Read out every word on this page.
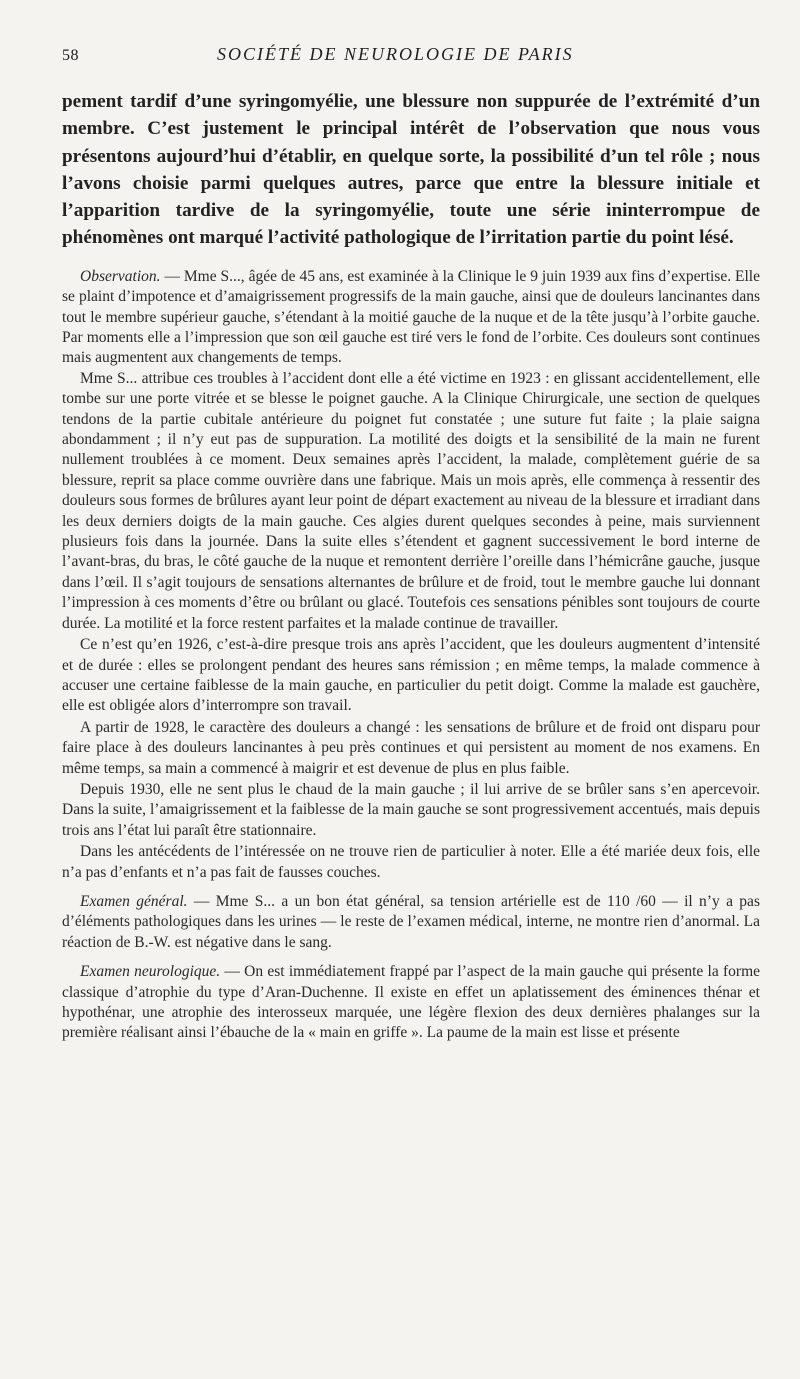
58	SOCIÉTÉ DE NEUROLOGIE DE PARIS

pement tardif d’une syringomyélie, une blessure non suppurée de l’extrémité d’un membre. C’est justement le principal intérêt de l’observation que nous vous présentons aujourd’hui d’établir, en quelque sorte, la possibilité d’un tel rôle ; nous l’avons choisie parmi quelques autres, parce que entre la blessure initiale et l’apparition tardive de la syringomyélie, toute une série ininterrompue de phénomènes ont marqué l’activité pathologique de l’irritation partie du point lésé.

Observation. — Mme S..., âgée de 45 ans, est examinée à la Clinique le 9 juin 1939 aux fins d’expertise. Elle se plaint d’impotence et d’amaigrissement progressifs de la main gauche, ainsi que de douleurs lancinantes dans tout le membre supérieur gauche, s’étendant à la moitié gauche de la nuque et de la tête jusqu’à l’orbite gauche. Par moments elle a l’impression que son œil gauche est tiré vers le fond de l’orbite. Ces douleurs sont continues mais augmentent aux changements de temps.

Mme S... attribue ces troubles à l’accident dont elle a été victime en 1923 : en glissant accidentellement, elle tombe sur une porte vitrée et se blesse le poignet gauche. A la Clinique Chirurgicale, une section de quelques tendons de la partie cubitale antérieure du poignet fut constatée ; une suture fut faite ; la plaie saigna abondamment ; il n’y eut pas de suppuration. La motilité des doigts et la sensibilité de la main ne furent nullement troublées à ce moment. Deux semaines après l’accident, la malade, complètement guérie de sa blessure, reprit sa place comme ouvrière dans une fabrique. Mais un mois après, elle commença à ressentir des douleurs sous formes de brûlures ayant leur point de départ exactement au niveau de la blessure et irradiant dans les deux derniers doigts de la main gauche. Ces algies durent quelques secondes à peine, mais surviennent plusieurs fois dans la journée. Dans la suite elles s’étendent et gagnent successivement le bord interne de l’avant-bras, du bras, le côté gauche de la nuque et remontent derrière l’oreille dans l’hémicrâne gauche, jusque dans l’œil. Il s’agit toujours de sensations alternantes de brûlure et de froid, tout le membre gauche lui donnant l’impression à ces moments d’être ou brûlant ou glacé. Toutefois ces sensations pénibles sont toujours de courte durée. La motilité et la force restent parfaites et la malade continue de travailler.

Ce n’est qu’en 1926, c’est-à-dire presque trois ans après l’accident, que les douleurs augmentent d’intensité et de durée : elles se prolongent pendant des heures sans rémission ; en même temps, la malade commence à accuser une certaine faiblesse de la main gauche, en particulier du petit doigt. Comme la malade est gauchère, elle est obligée alors d’interrompre son travail.

A partir de 1928, le caractère des douleurs a changé : les sensations de brûlure et de froid ont disparu pour faire place à des douleurs lancinantes à peu près continues et qui persistent au moment de nos examens. En même temps, sa main a commencé à maigrir et est devenue de plus en plus faible.

Depuis 1930, elle ne sent plus le chaud de la main gauche ; il lui arrive de se brûler sans s’en apercevoir. Dans la suite, l’amaigrissement et la faiblesse de la main gauche se sont progressivement accentués, mais depuis trois ans l’état lui paraît être stationnaire.

Dans les antécédents de l’intéressée on ne trouve rien de particulier à noter. Elle a été mariée deux fois, elle n’a pas d’enfants et n’a pas fait de fausses couches.

Examen général. — Mme S... a un bon état général, sa tension artérielle est de 110 /60 — il n’y a pas d’éléments pathologiques dans les urines — le reste de l’examen médical, interne, ne montre rien d’anormal. La réaction de B.-W. est négative dans le sang.

Examen neurologique. — On est immédiatement frappé par l’aspect de la main gauche qui présente la forme classique d’atrophie du type d’Aran-Duchenne. Il existe en effet un aplatissement des éminences thénar et hypothénar, une atrophie des interosseux marquée, une légère flexion des deux dernières phalanges sur la première réalisant ainsi l’ébauche de la « main en griffe ». La paume de la main est lisse et présente
